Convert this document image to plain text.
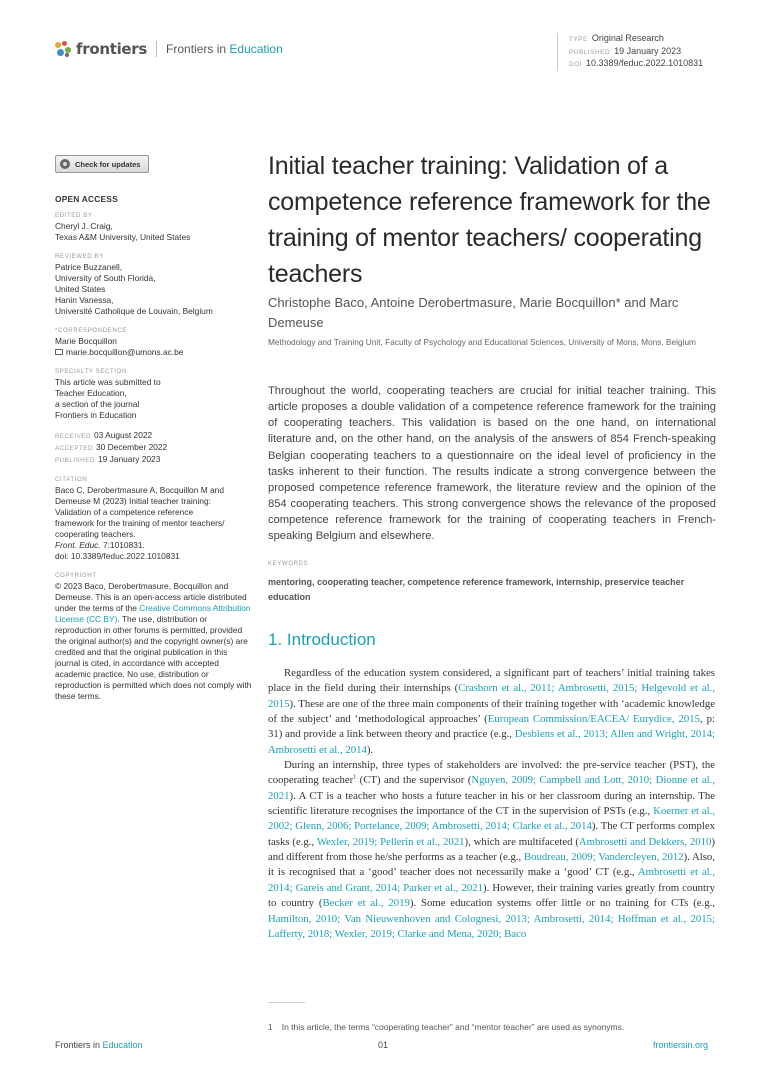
frontiers Frontiers in Education
TYPE Original Research
PUBLISHED 19 January 2023
DOI 10.3389/feduc.2022.1010831
Check for updates
OPEN ACCESS
EDITED BY
Cheryl J. Craig,
Texas A&M University, United States
REVIEWED BY
Patrice Buzzanell,
University of South Florida,
United States
Hanin Vanessa,
Université Catholique de Louvain, Belgium
*CORRESPONDENCE
Marie Bocquillon
marie.bocquillon@umons.ac.be
SPECIALTY SECTION
This article was submitted to
Teacher Education,
a section of the journal
Frontiers in Education
RECEIVED 03 August 2022
ACCEPTED 30 December 2022
PUBLISHED 19 January 2023
CITATION
Baco C, Derobertmasure A, Bocquillon M and
Demeuse M (2023) Initial teacher training:
Validation of a competence reference
framework for the training of mentor teachers/
cooperating teachers.
Front. Educ. 7:1010831.
doi: 10.3389/feduc.2022.1010831
COPYRIGHT
© 2023 Baco, Derobertmasure, Bocquillon and Demeuse. This is an open-access article distributed under the terms of the Creative Commons Attribution License (CC BY). The use, distribution or reproduction in other forums is permitted, provided the original author(s) and the copyright owner(s) are credited and that the original publication in this journal is cited, in accordance with accepted academic practice. No use, distribution or reproduction is permitted which does not comply with these terms.
Initial teacher training: Validation of a competence reference framework for the training of mentor teachers/ cooperating teachers
Christophe Baco, Antoine Derobertmasure, Marie Bocquillon* and Marc Demeuse
Methodology and Training Unit, Faculty of Psychology and Educational Sciences, University of Mons, Mons, Belgium

Throughout the world, cooperating teachers are crucial for initial teacher training. This article proposes a double validation of a competence reference framework for the training of cooperating teachers. This validation is based on the one hand, on international literature and, on the other hand, on the analysis of the answers of 854 French-speaking Belgian cooperating teachers to a questionnaire on the ideal level of proficiency in the tasks inherent to their function. The results indicate a strong convergence between the proposed competence reference framework, the literature review and the opinion of the 854 cooperating teachers. This strong convergence shows the relevance of the proposed competence reference framework for the training of cooperating teachers in French-speaking Belgium and elsewhere.

KEYWORDS
mentoring, cooperating teacher, competence reference framework, internship, preservice teacher education
1. Introduction

Regardless of the education system considered, a significant part of teachers’ initial training takes place in the field during their internships (Crasborn et al., 2011; Ambrosetti, 2015; Helgevold et al., 2015). These are one of the three main components of their training together with ‘academic knowledge of the subject’ and ‘methodological approaches’ (European Commission/EACEA/ Eurydice, 2015, p: 31) and provide a link between theory and practice (e.g., Desbiens et al., 2013; Allen and Wright, 2014; Ambrosetti et al., 2014).

During an internship, three types of stakeholders are involved: the pre-service teacher (PST), the cooperating teacher$^1$ (CT) and the supervisor (Nguyen, 2009; Campbell and Lott, 2010; Dionne et al., 2021). A CT is a teacher who hosts a future teacher in his or her classroom during an internship. The scientific literature recognises the importance of the CT in the supervision of PSTs (e.g., Koerner et al., 2002; Glenn, 2006; Portelance, 2009; Ambrosetti, 2014; Clarke et al., 2014). The CT performs complex tasks (e.g., Wexler, 2019; Pellerin et al., 2021), which are multifaceted (Ambrosetti and Dekkers, 2010) and different from those he/she performs as a teacher (e.g., Boudreau, 2009; Vandercleyen, 2012). Also, it is recognised that a ‘good’ teacher does not necessarily make a ‘good’ CT (e.g., Ambrosetti et al., 2014; Gareis and Grant, 2014; Parker et al., 2021). However, their training varies greatly from country to country (Becker et al., 2019). Some education systems offer little or no training for CTs (e.g., Hamilton, 2010; Van Nieuwenhoven and Colognesi, 2013; Ambrosetti, 2014; Hoffman et al., 2015; Lafferty, 2018; Wexler, 2019; Clarke and Mena, 2020; Baco

1 In this article, the terms “cooperating teacher” and “mentor teacher” are used as synonyms.
Frontiers in Education	01	frontiersin.org
